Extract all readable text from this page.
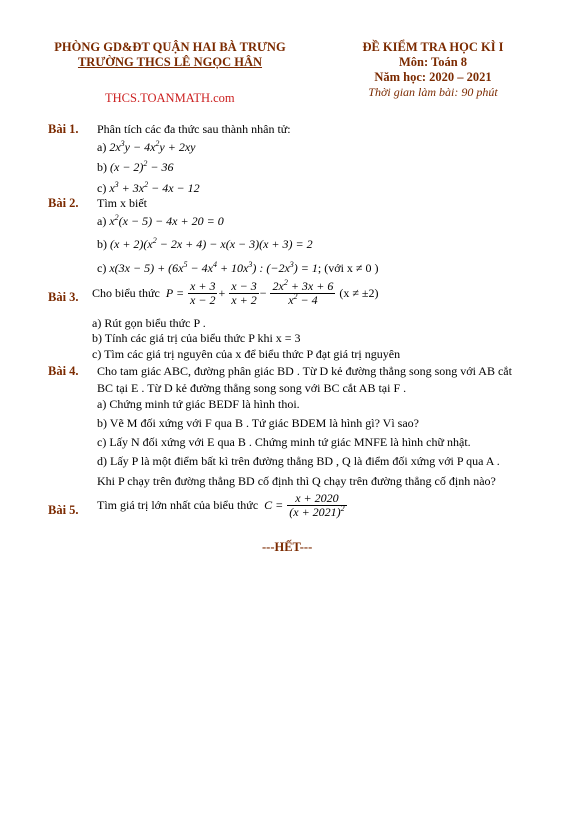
PHÒNG GD&ĐT QUẬN HAI BÀ TRƯNG
TRƯỜNG THCS LÊ NGỌC HÂN
THCS.TOANMATH.com
ĐỀ KIỂM TRA HỌC KÌ I
Môn: Toán 8
Năm học: 2020 – 2021
Thời gian làm bài: 90 phút
Bài 1. Phân tích các đa thức sau thành nhân tử:
a) $2x^3y - 4x^2y + 2xy$
b) $(x - 2)^2 - 36$
c) $x^3 + 3x^2 - 4x - 12$
Bài 2. Tìm x biết
a) $x^2(x - 5) - 4x + 20 = 0$
b) $(x + 2)(x^2 - 2x + 4) - x(x - 3)(x + 3) = 2$
c) $x(3x - 5) + (6x^5 - 4x^4 + 10x^3)$ : $(-2x^3) = 1$; (với x ≠ 0 )
Bài 3. Cho biểu thức  $P = \frac{x + 3}{x - 2} + \frac{x - 3}{x + 2} - \frac{2x^2 + 3x + 6}{x^2 - 4} (x \ne \pm 2)$
a) Rút gọn biểu thức P .
b) Tính các giá trị của biểu thức P khi x = 3
c) Tìm các giá trị nguyên của x để biểu thức P đạt giá trị nguyên
Bài 4. Cho tam giác ABC, đường phân giác BD . Từ D kẻ đường thẳng song song với AB cắt
BC tại E . Từ D kẻ đường thẳng song song với BC cắt AB tại F .
a) Chứng minh tứ giác BEDF là hình thoi.
b) Vẽ M đối xứng với F qua B . Tứ giác BDEM là hình gì? Vì sao?
c) Lấy N đối xứng với E qua B . Chứng minh tứ giác MNFE là hình chữ nhật.
d) Lấy P là một điểm bất kì trên đường thẳng BD , Q là điểm đối xứng với P qua A .
Khi P chạy trên đường thẳng BD cố định thì Q chạy trên đường thẳng cố định nào?
Bài 5. Tìm giá trị lớn nhất của biểu thức  $C = \frac{x + 2020}{(x + 2021)^2}$
---HẾT---
